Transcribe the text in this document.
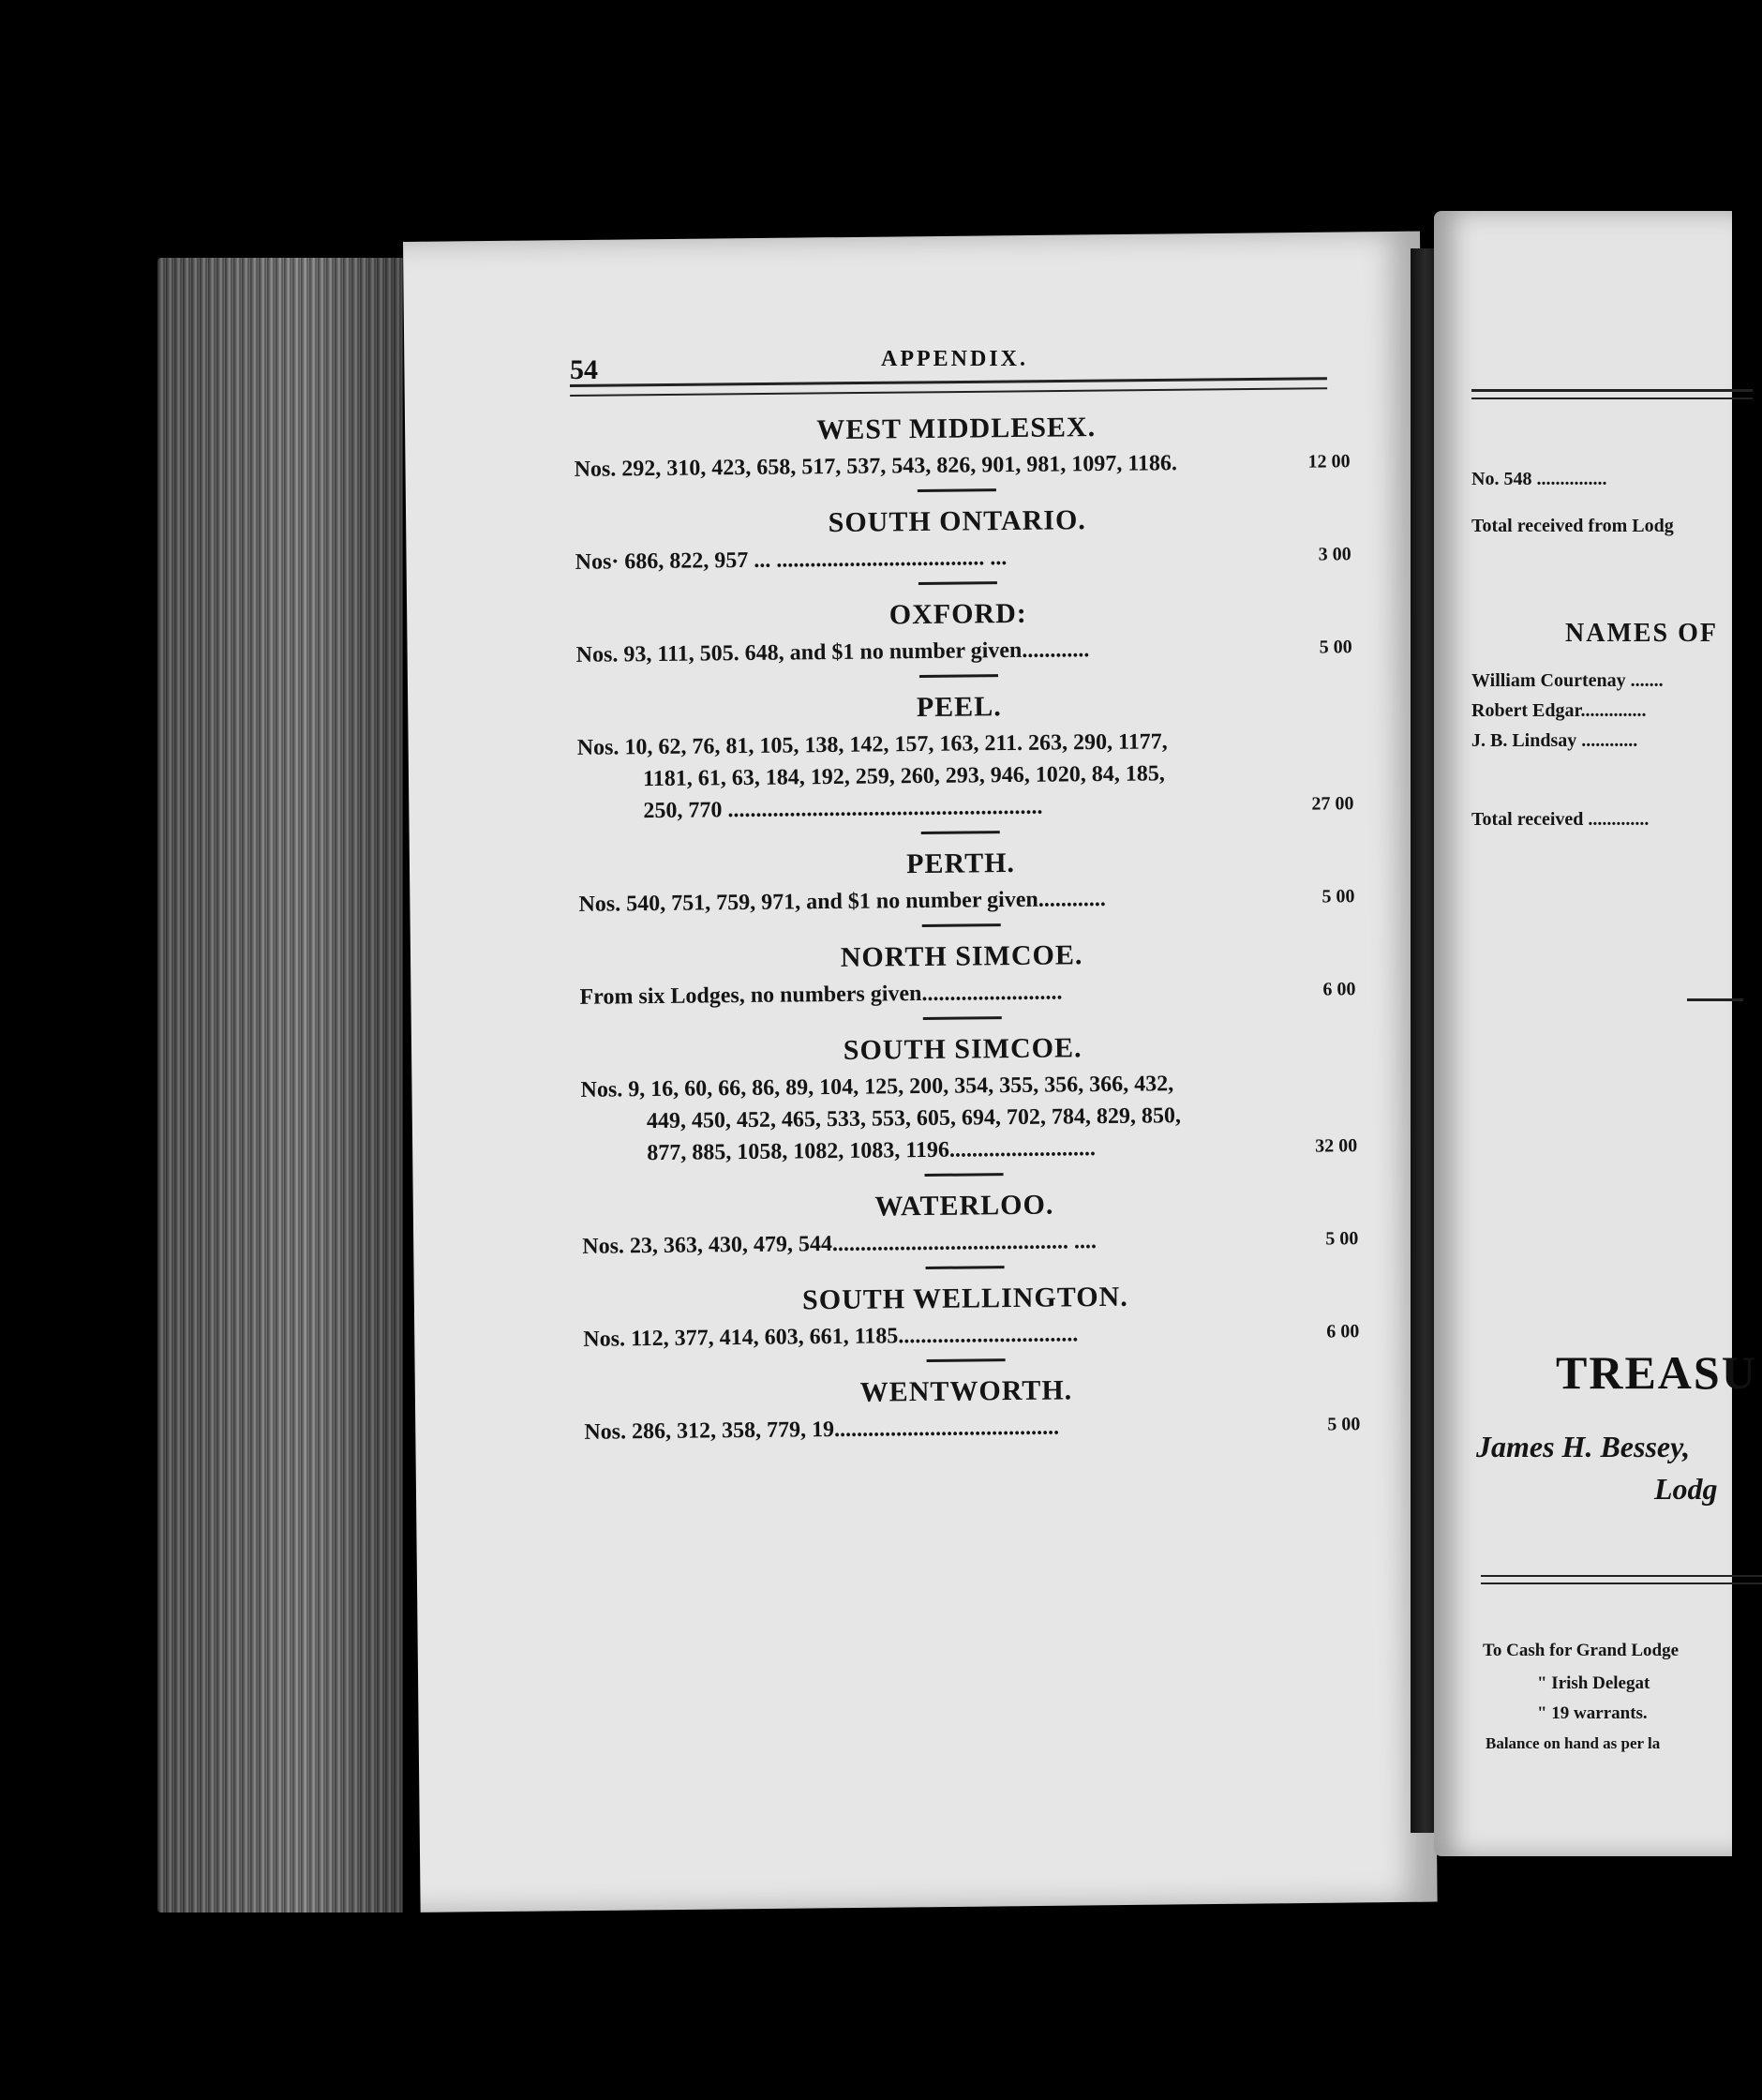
54	APPENDIX.
WEST MIDDLESEX.
Nos. 292, 310, 423, 658, 517, 537, 543, 826, 901, 981, 1097, 1186.	12 00
SOUTH ONTARIO.
Nos· 686, 822, 957 ... ..................................... ...	3 00
OXFORD:
Nos. 93, 111, 505. 648, and $1 no number given............	5 00
PEEL.
Nos. 10, 62, 76, 81, 105, 138, 142, 157, 163, 211. 263, 290, 1177,
1181, 61, 63, 184, 192, 259, 260, 293, 946, 1020, 84, 185,
250, 770 ........................................................	27 00
PERTH.
Nos. 540, 751, 759, 971, and $1 no number given............	5 00
NORTH SIMCOE.
From six Lodges, no numbers given.........................	6 00
SOUTH SIMCOE.
Nos. 9, 16, 60, 66, 86, 89, 104, 125, 200, 354, 355, 356, 366, 432,
449, 450, 452, 465, 533, 553, 605, 694, 702, 784, 829, 850,
877, 885, 1058, 1082, 1083, 1196..........................	32 00
WATERLOO.
Nos. 23, 363, 430, 479, 544.......................................... ....	5 00
SOUTH WELLINGTON.
Nos. 112, 377, 414, 603, 661, 1185................................	6 00
WENTWORTH.
Nos. 286, 312, 358, 779, 19........................................	5 00
No. 548 ...............
Total received from Lodg
NAMES OF
William Courtenay .......
Robert Edgar..............
J. B. Lindsay ............
Total received .............
TREASU
James H. Bessey,
Lodg
To Cash for Grand Lodge
" Irish Delegat
" 19 warrants.
Balance on hand as per la
